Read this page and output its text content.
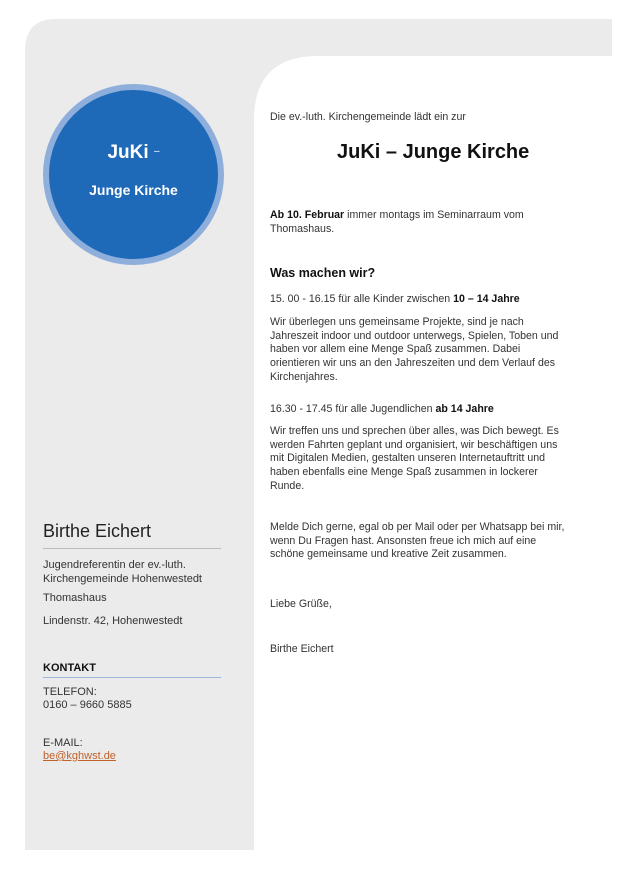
JuKi –
Junge Kirche
Birthe Eichert
Jugendreferentin der ev.-luth. Kirchengemeinde Hohenwestedt
Thomashaus
Lindenstr. 42, Hohenwestedt
KONTAKT
TELEFON:
0160 – 9660 5885
E-MAIL:
be@kghwst.de

Die ev.-luth. Kirchengemeinde lädt ein zur

JuKi – Junge Kirche

Ab 10. Februar immer montags im Seminarraum vom Thomashaus.

Was machen wir?

15. 00 - 16.15 für alle Kinder zwischen 10 – 14 Jahre

Wir überlegen uns gemeinsame Projekte, sind je nach Jahreszeit indoor und outdoor unterwegs, Spielen, Toben und haben vor allem eine Menge Spaß zusammen. Dabei orientieren wir uns an den Jahreszeiten und dem Verlauf des Kirchenjahres.

16.30 - 17.45 für alle Jugendlichen ab 14 Jahre

Wir treffen uns und sprechen über alles, was Dich bewegt. Es werden Fahrten geplant und organisiert, wir beschäftigen uns mit Digitalen Medien, gestalten unseren Internetauftritt und haben ebenfalls eine Menge Spaß zusammen in lockerer Runde.

Melde Dich gerne, egal ob per Mail oder per Whatsapp bei mir, wenn Du Fragen hast. Ansonsten freue ich mich auf eine schöne gemeinsame und kreative Zeit zusammen.

Liebe Grüße,

Birthe Eichert
